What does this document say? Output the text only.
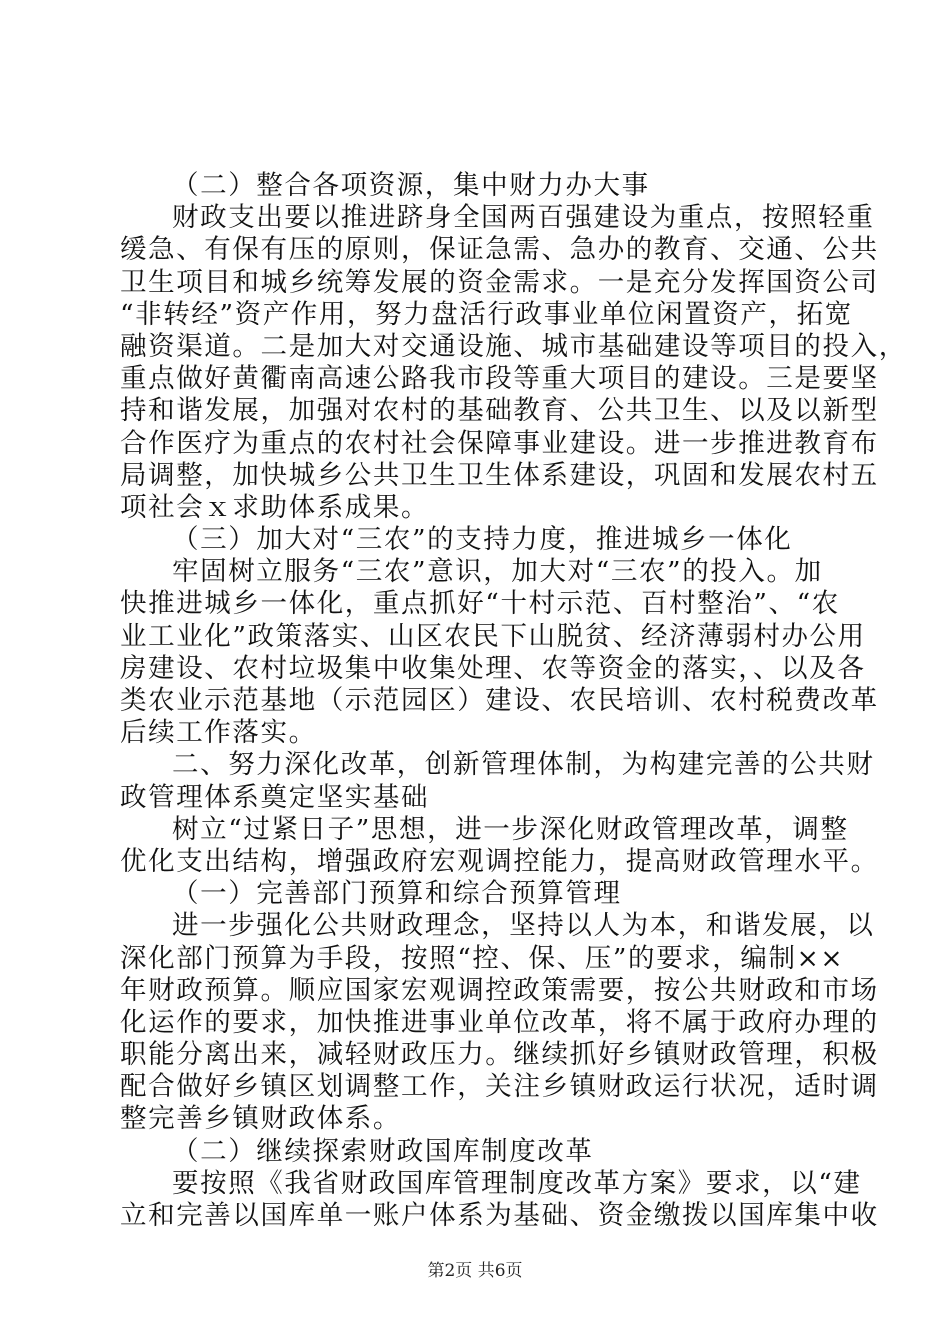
（二）整合各项资源，集中财力办大事
财政支出要以推进跻身全国两百强建设为重点，按照轻重
缓急、有保有压的原则，保证急需、急办的教育、交通、公共
卫生项目和城乡统筹发展的资金需求。一是充分发挥国资公司
“非转经”资产作用，努力盘活行政事业单位闲置资产，拓宽
融资渠道。二是加大对交通设施、城市基础建设等项目的投入，
重点做好黄衢南高速公路我市段等重大项目的建设。三是要坚
持和谐发展，加强对农村的基础教育、公共卫生、以及以新型
合作医疗为重点的农村社会保障事业建设。进一步推进教育布
局调整，加快城乡公共卫生卫生体系建设，巩固和发展农村五
项社会ｘ求助体系成果。
（三）加大对“三农”的支持力度，推进城乡一体化
牢固树立服务“三农”意识，加大对“三农”的投入。加
快推进城乡一体化，重点抓好“十村示范、百村整治”、“农
业工业化”政策落实、山区农民下山脱贫、经济薄弱村办公用
房建设、农村垃圾集中收集处理、农等资金的落实，、以及各
类农业示范基地（示范园区）建设、农民培训、农村税费改革
后续工作落实。
二、努力深化改革，创新管理体制，为构建完善的公共财
政管理体系奠定坚实基础
树立“过紧日子”思想，进一步深化财政管理改革，调整
优化支出结构，增强政府宏观调控能力，提高财政管理水平。
（一）完善部门预算和综合预算管理
进一步强化公共财政理念，坚持以人为本，和谐发展，以
深化部门预算为手段，按照“控、保、压”的要求，编制××
年财政预算。顺应国家宏观调控政策需要，按公共财政和市场
化运作的要求，加快推进事业单位改革，将不属于政府办理的
职能分离出来，减轻财政压力。继续抓好乡镇财政管理，积极
配合做好乡镇区划调整工作，关注乡镇财政运行状况，适时调
整完善乡镇财政体系。
（二）继续探索财政国库制度改革
要按照《我省财政国库管理制度改革方案》要求，以“建
立和完善以国库单一账户体系为基础、资金缴拨以国库集中收
第2页 共6页
